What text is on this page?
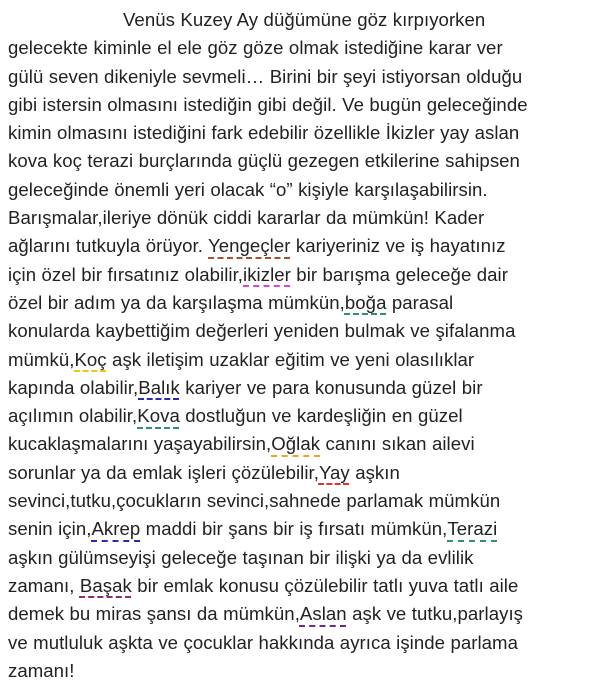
Venüs Kuzey Ay düğümüne göz kırpıyorken
gelecekte kiminle el ele göz göze olmak istediğine karar ver
gülü seven dikeniyle sevmeli… Birini bir şeyi istiyorsan olduğu
gibi istersin olmasını istediğin gibi değil. Ve bugün geleceğinde
kimin olmasını istediğini fark edebilir özellikle İkizler yay aslan
kova koç terazi burçlarında güçlü gezegen etkilerine sahipsen
geleceğinde önemli yeri olacak “o” kişiyle karşılaşabilirsin.
Barışmalar,ileriye dönük ciddi kararlar da mümkün! Kader
ağlarını tutkuyla örüyor. Yengeçler kariyeriniz ve iş hayatınız
için özel bir fırsatınız olabilir,ikizler bir barışma geleceğe dair
özel bir adım ya da karşılaşma mümkün,boğa parasal
konularda kaybettiğim değerleri yeniden bulmak ve şifalanma
mümkü,Koç aşk iletişim uzaklar eğitim ve yeni olasılıklar
kapında olabilir,Balık kariyer ve para konusunda güzel bir
açılımın olabilir,Kova dostluğun ve kardeşliğin en güzel
kucaklaşmalarını yaşayabilirsin,Oğlak canını sıkan ailevi
sorunlar ya da emlak işleri çözülebilir,Yay aşkın
sevinci,tutku,çocukların sevinci,sahnede parlamak mümkün
senin için,Akrep maddi bir şans bir iş fırsatı mümkün,Terazi
aşkın gülümseyişi geleceğe taşınan bir ilişki ya da evlilik
zamanı, Başak bir emlak konusu çözülebilir tatlı yuva tatlı aile
demek bu miras şansı da mümkün,Aslan aşk ve tutku,parlayış
ve mutluluk aşkta ve çocuklar hakkında ayrıca işinde parlama
zamanı!
